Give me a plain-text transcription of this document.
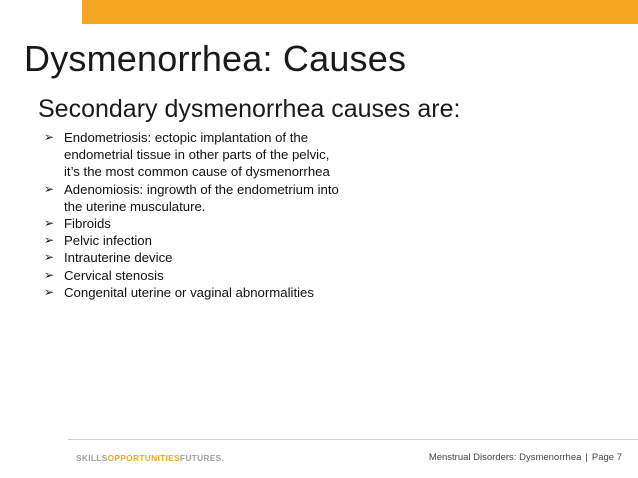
Dysmenorrhea: Causes
Secondary dysmenorrhea causes are:
➢ Endometriosis: ectopic implantation of the
endometrial tissue in other parts of the pelvic,
it’s the most common cause of dysmenorrhea
➢ Adenomiosis: ingrowth of the endometrium into
the uterine musculature.
➢ Fibroids
➢ Pelvic infection
➢ Intrauterine device
➢ Cervical stenosis
➢ Congenital uterine or vaginal abnormalities
SKILLSOPPORTUNITIESFUTURES.	Menstrual Disorders: Dysmenorrhea | Page 7
